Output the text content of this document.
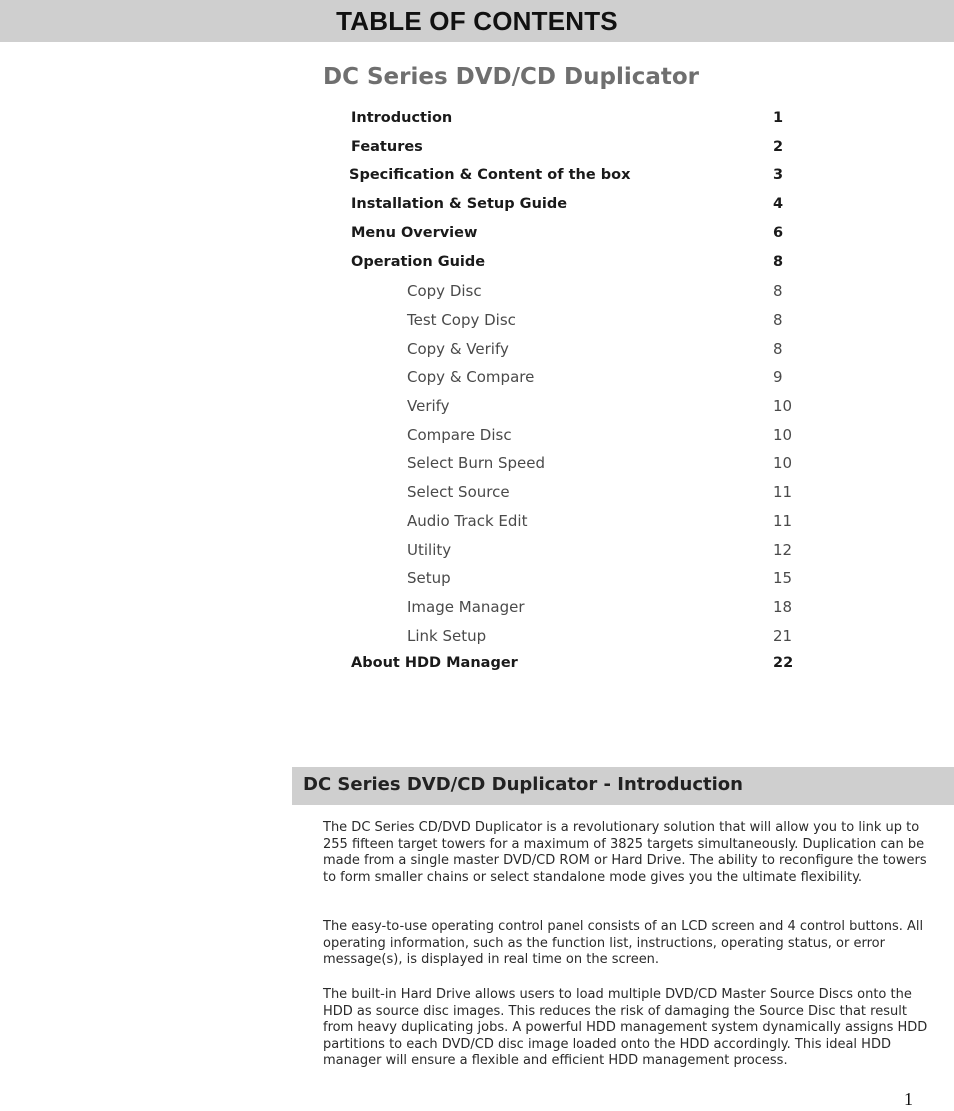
TABLE OF CONTENTS
DC Series DVD/CD Duplicator
Introduction	1
Features	2
Specification & Content of the box	3
Installation & Setup Guide	4
Menu Overview	6
Operation Guide	8
Copy Disc	8
Test Copy Disc	8
Copy & Verify	8
Copy & Compare	9
Verify	10
Compare Disc	10
Select Burn Speed	10
Select Source	11
Audio Track Edit	11
Utility	12
Setup	15
Image Manager	18
Link Setup	21
About HDD Manager	22
DC Series DVD/CD Duplicator - Introduction
The DC Series CD/DVD Duplicator is a revolutionary solution that will allow you to link up to 255 fifteen target towers for a maximum of 3825 targets simultaneously. Duplication can be made from a single master DVD/CD ROM or Hard Drive. The ability to reconfigure the towers to form smaller chains or select standalone mode gives you the ultimate flexibility.
The easy-to-use operating control panel consists of an LCD screen and 4 control buttons. All operating information, such as the function list, instructions, operating status, or error message(s), is displayed in real time on the screen.
The built-in Hard Drive allows users to load multiple DVD/CD Master Source Discs onto the HDD as source disc images. This reduces the risk of damaging the Source Disc that result from heavy duplicating jobs. A powerful HDD management system dynamically assigns HDD partitions to each DVD/CD disc image loaded onto the HDD accordingly. This ideal HDD manager will ensure a flexible and efficient HDD management process.
1
